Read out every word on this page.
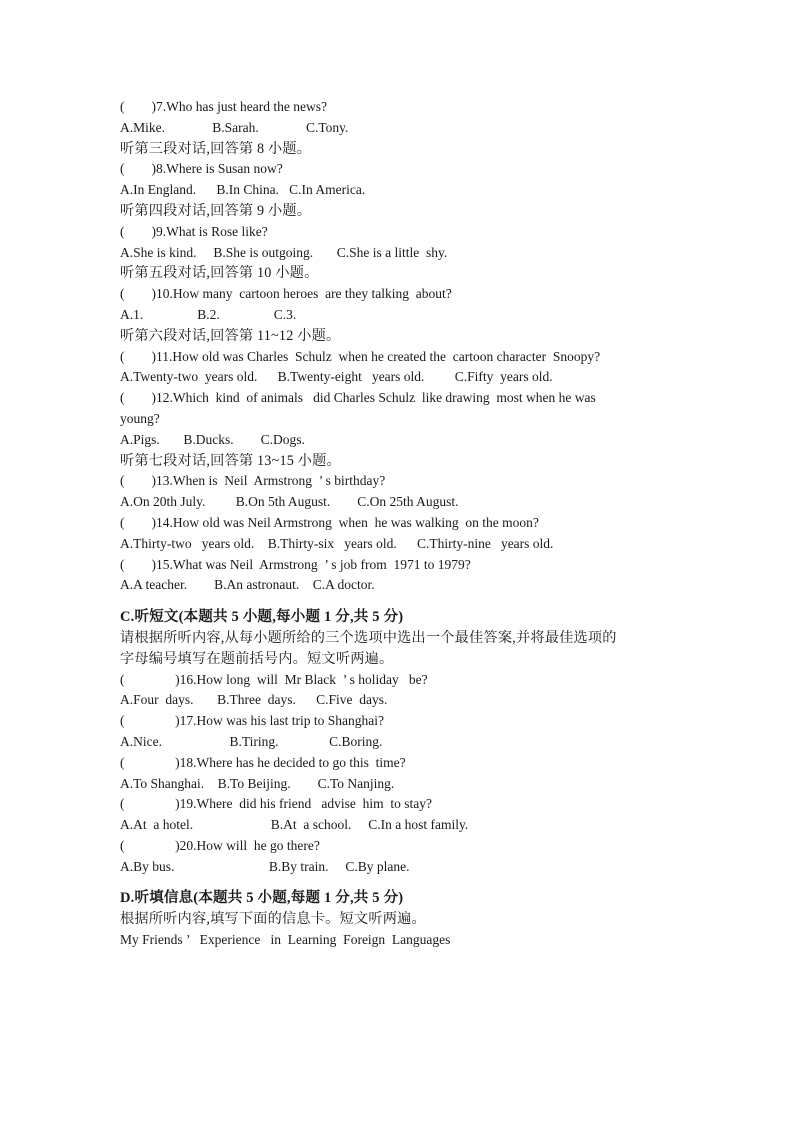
(        )7.Who has just heard the news?
A.Mike.              B.Sarah.              C.Tony.
听第三段对话,回答第 8 小题。
(        )8.Where is Susan now?
A.In England.      B.In China.   C.In America.
听第四段对话,回答第 9 小题。
(        )9.What is Rose like?
A.She is kind.     B.She is outgoing.       C.She is a little  shy.
听第五段对话,回答第 10 小题。
(        )10.How many  cartoon heroes  are they talking  about?
A.1.                B.2.                C.3.
听第六段对话,回答第 11~12 小题。
(        )11.How old was Charles  Schulz  when he created the  cartoon character  Snoopy?
A.Twenty-two  years old.      B.Twenty-eight   years old.         C.Fifty  years old.
(        )12.Which  kind  of animals   did Charles Schulz  like drawing  most when he was
young?
A.Pigs.       B.Ducks.        C.Dogs.
听第七段对话,回答第 13~15 小题。
(        )13.When is  Neil  Armstrong  ’ s birthday?
A.On 20th July.         B.On 5th August.        C.On 25th August.
(        )14.How old was Neil Armstrong  when  he was walking  on the moon?
A.Thirty-two   years old.    B.Thirty-six   years old.      C.Thirty-nine   years old.
(        )15.What was Neil  Armstrong  ’ s job from  1971 to 1979?
A.A teacher.        B.An astronaut.    C.A doctor.
C.听短文(本题共 5 小题,每小题 1 分,共 5 分)
请根据所听内容,从每小题所给的三个选项中选出一个最佳答案,并将最佳选项的
字母编号填写在题前括号内。短文听两遍。
(               )16.How long  will  Mr Black  ’ s holiday   be?
A.Four  days.       B.Three  days.      C.Five  days.
(               )17.How was his last trip to Shanghai?
A.Nice.                    B.Tiring.               C.Boring.
(               )18.Where has he decided to go this  time?
A.To Shanghai.    B.To Beijing.        C.To Nanjing.
(               )19.Where  did his friend   advise  him  to stay?
A.At  a hotel.                       B.At  a school.     C.In a host family.
(               )20.How will  he go there?
A.By bus.                            B.By train.     C.By plane.
D.听填信息(本题共 5 小题,每题 1 分,共 5 分)
根据所听内容,填写下面的信息卡。短文听两遍。
My Friends ’   Experience   in  Learning  Foreign  Languages
